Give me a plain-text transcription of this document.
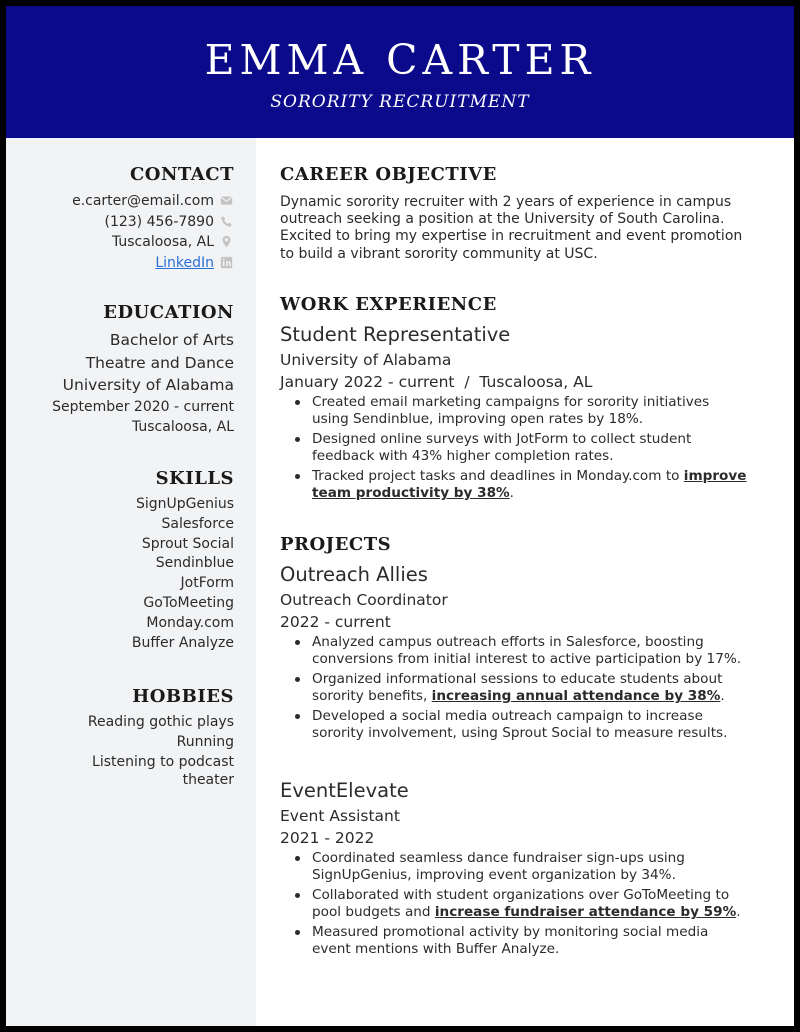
EMMA CARTER
SORORITY RECRUITMENT
CONTACT
e.carter@email.com
(123) 456-7890
Tuscaloosa, AL
LinkedIn
EDUCATION
Bachelor of Arts
Theatre and Dance
University of Alabama
September 2020 - current
Tuscaloosa, AL
SKILLS
SignUpGenius
Salesforce
Sprout Social
Sendinblue
JotForm
GoToMeeting
Monday.com
Buffer Analyze
HOBBIES
Reading gothic plays
Running
Listening to podcast theater
CAREER OBJECTIVE
Dynamic sorority recruiter with 2 years of experience in campus outreach seeking a position at the University of South Carolina. Excited to bring my expertise in recruitment and event promotion to build a vibrant sorority community at USC.
WORK EXPERIENCE
Student Representative
University of Alabama
January 2022 - current  /  Tuscaloosa, AL
Created email marketing campaigns for sorority initiatives using Sendinblue, improving open rates by 18%.
Designed online surveys with JotForm to collect student feedback with 43% higher completion rates.
Tracked project tasks and deadlines in Monday.com to improve team productivity by 38%.
PROJECTS
Outreach Allies
Outreach Coordinator
2022 - current
Analyzed campus outreach efforts in Salesforce, boosting conversions from initial interest to active participation by 17%.
Organized informational sessions to educate students about sorority benefits, increasing annual attendance by 38%.
Developed a social media outreach campaign to increase sorority involvement, using Sprout Social to measure results.
EventElevate
Event Assistant
2021 - 2022
Coordinated seamless dance fundraiser sign-ups using SignUpGenius, improving event organization by 34%.
Collaborated with student organizations over GoToMeeting to pool budgets and increase fundraiser attendance by 59%.
Measured promotional activity by monitoring social media event mentions with Buffer Analyze.
